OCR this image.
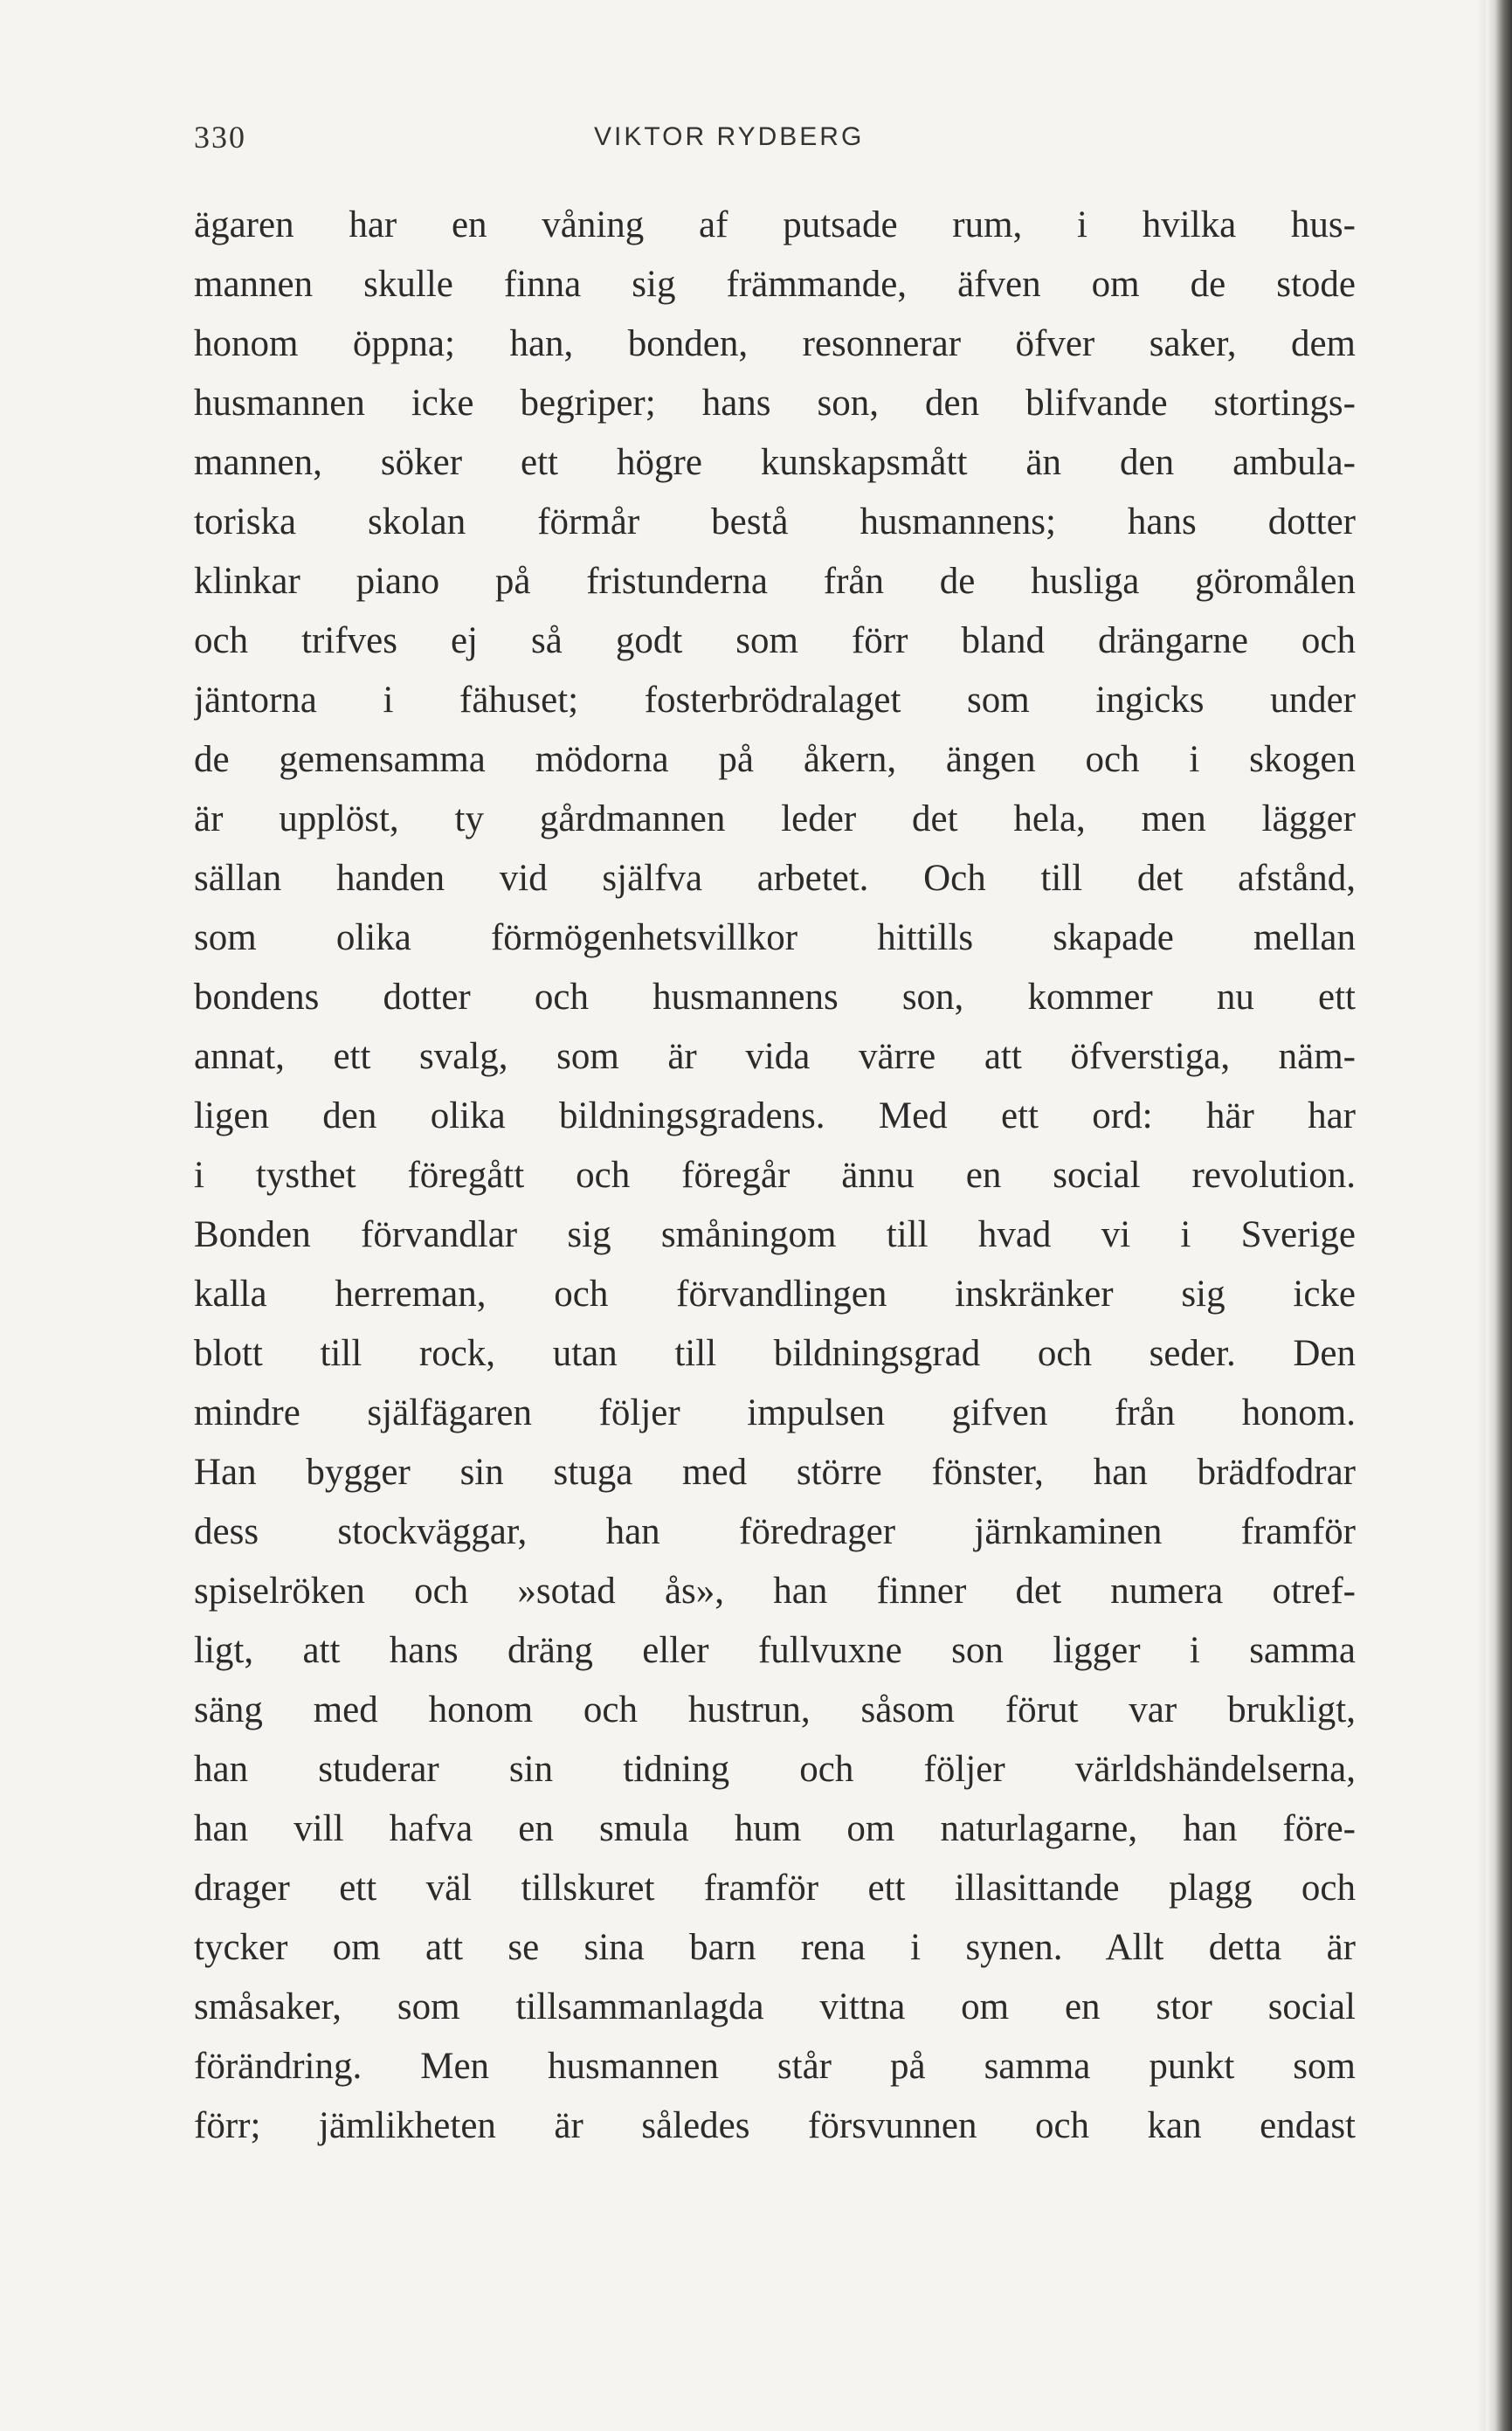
330	VIKTOR RYDBERG
ägaren har en våning af putsade rum, i hvilka hus-
mannen skulle finna sig främmande, äfven om de stode
honom öppna; han, bonden, resonnerar öfver saker, dem
husmannen icke begriper; hans son, den blifvande stortings-
mannen, söker ett högre kunskapsmått än den ambula-
toriska skolan förmår bestå husmannens; hans dotter
klinkar piano på fristunderna från de husliga göromålen
och trifves ej så godt som förr bland drängarne och
jäntorna i fähuset; fosterbrödralaget som ingicks under
de gemensamma mödorna på åkern, ängen och i skogen
är upplöst, ty gårdmannen leder det hela, men lägger
sällan handen vid själfva arbetet. Och till det afstånd,
som olika förmögenhetsvillkor hittills skapade mellan
bondens dotter och husmannens son, kommer nu ett
annat, ett svalg, som är vida värre att öfverstiga, näm-
ligen den olika bildningsgradens. Med ett ord: här har
i tysthet föregått och föregår ännu en social revolution.
Bonden förvandlar sig småningom till hvad vi i Sverige
kalla herreman, och förvandlingen inskränker sig icke
blott till rock, utan till bildningsgrad och seder. Den
mindre själfägaren följer impulsen gifven från honom.
Han bygger sin stuga med större fönster, han brädfodrar
dess stockväggar, han föredrager järnkaminen framför
spiselröken och »sotad ås», han finner det numera otref-
ligt, att hans dräng eller fullvuxne son ligger i samma
säng med honom och hustrun, såsom förut var brukligt,
han studerar sin tidning och följer världshändelserna,
han vill hafva en smula hum om naturlagarne, han före-
drager ett väl tillskuret framför ett illasittande plagg och
tycker om att se sina barn rena i synen. Allt detta är
småsaker, som tillsammanlagda vittna om en stor social
förändring. Men husmannen står på samma punkt som
förr; jämlikheten är således försvunnen och kan endast
